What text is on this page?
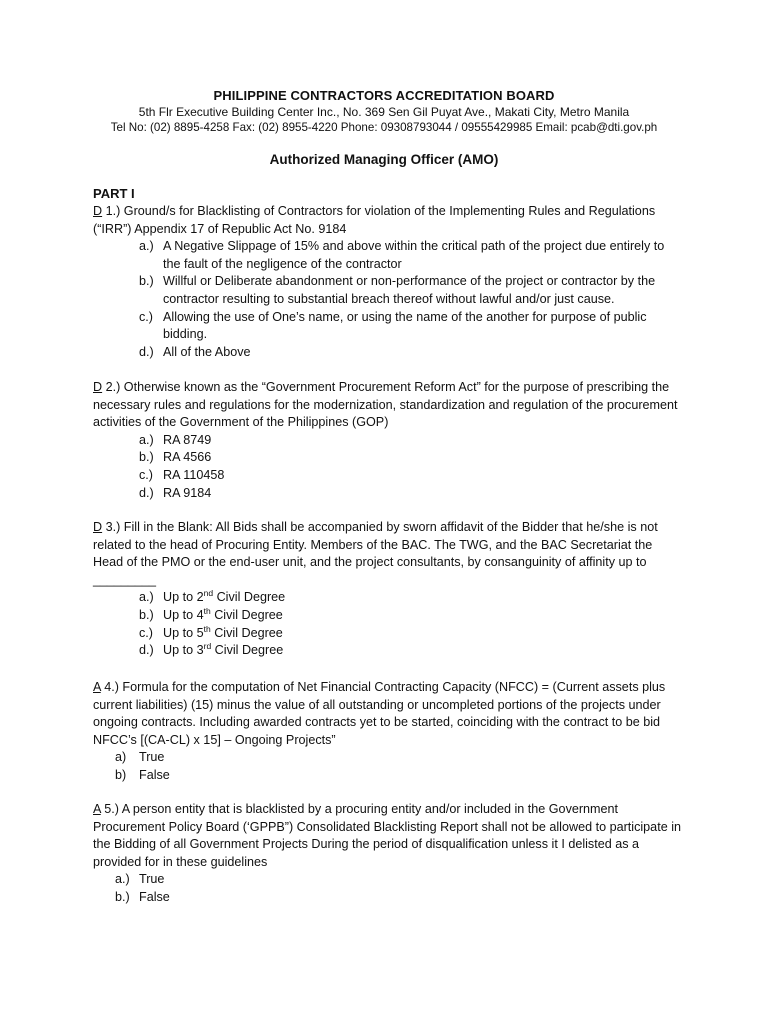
PHILIPPINE CONTRACTORS ACCREDITATION BOARD
5th Flr Executive Building Center Inc., No. 369 Sen Gil Puyat Ave., Makati City, Metro Manila
Tel No: (02) 8895-4258 Fax: (02) 8955-4220 Phone: 09308793044 / 09555429985 Email: pcab@dti.gov.ph
Authorized Managing Officer (AMO)
PART I
D 1.) Ground/s for Blacklisting of Contractors for violation of the Implementing Rules and Regulations (“IRR”) Appendix 17 of Republic Act No. 9184
a.) A Negative Slippage of 15% and above within the critical path of the project due entirely to the fault of the negligence of the contractor
b.) Willful or Deliberate abandonment or non-performance of the project or contractor by the contractor resulting to substantial breach thereof without lawful and/or just cause.
c.) Allowing the use of One’s name, or using the name of the another for purpose of public bidding.
d.) All of the Above
D 2.) Otherwise known as the “Government Procurement Reform Act” for the purpose of prescribing the necessary rules and regulations for the modernization, standardization and regulation of the procurement activities of the Government of the Philippines (GOP)
a.) RA 8749
b.) RA 4566
c.) RA 110458
d.) RA 9184
D 3.) Fill in the Blank: All Bids shall be accompanied by sworn affidavit of the Bidder that he/she is not related to the head of Procuring Entity. Members of the BAC. The TWG, and the BAC Secretariat the Head of the PMO or the end-user unit, and the project consultants, by consanguinity of affinity up to _________
a.) Up to 2nd Civil Degree
b.) Up to 4th Civil Degree
c.) Up to 5th Civil Degree
d.) Up to 3rd Civil Degree
A 4.) Formula for the computation of Net Financial Contracting Capacity (NFCC) = (Current assets plus current liabilities) (15) minus the value of all outstanding or uncompleted portions of the projects under ongoing contracts. Including awarded contracts yet to be started, coinciding with the contract to be bid NFCC’s [(CA-CL) x 15] – Ongoing Projects”
a)	True
b)	False
A 5.) A person entity that is blacklisted by a procuring entity and/or included in the Government Procurement Policy Board (‘GPPB”) Consolidated Blacklisting Report shall not be allowed to participate in the Bidding of all Government Projects During the period of disqualification unless it I delisted as a provided for in these guidelines
a.) True
b.) False
